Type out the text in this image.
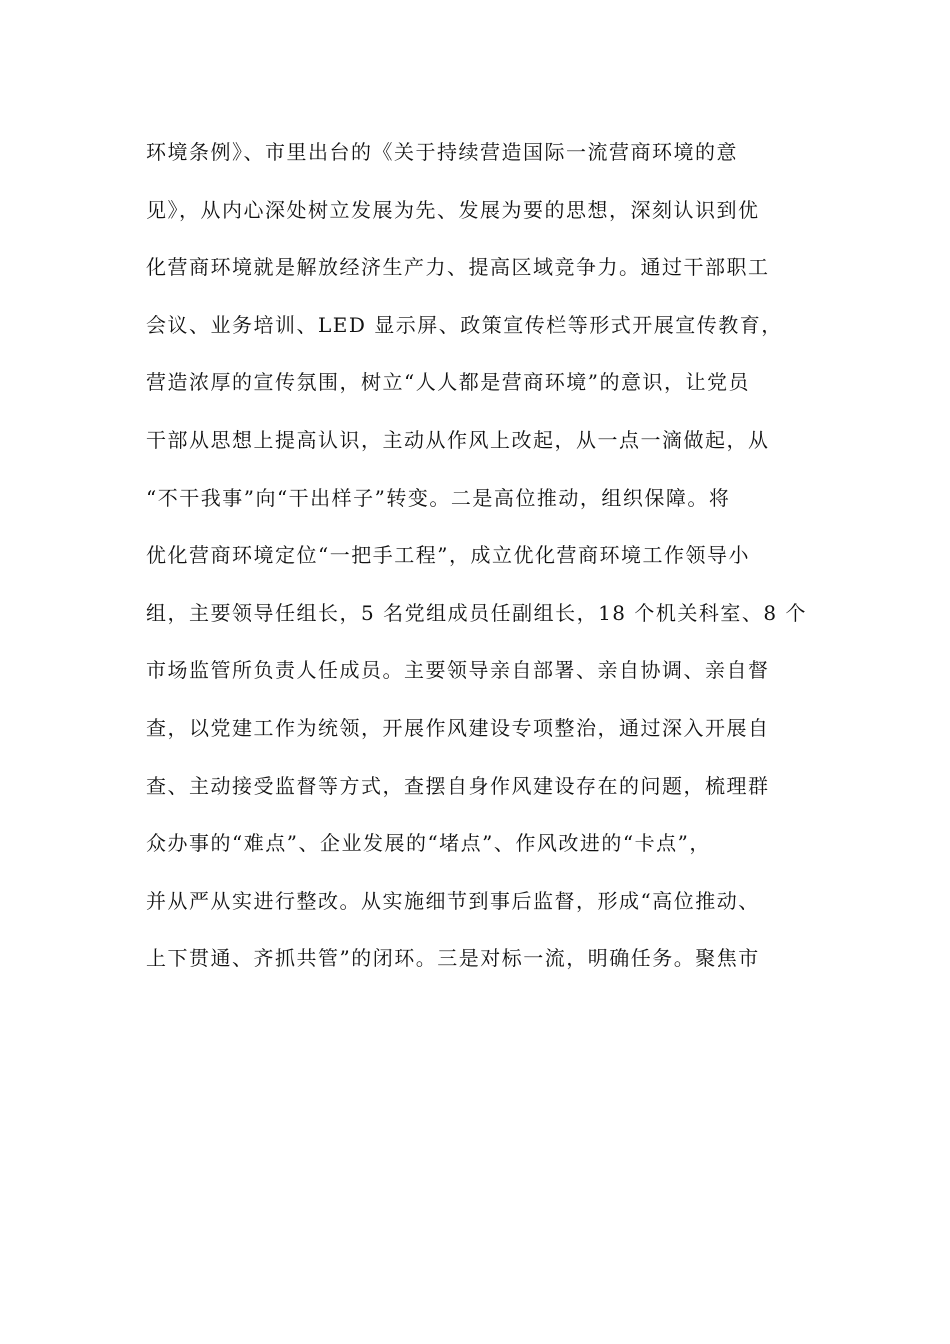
环境条例》、市里出台的《关于持续营造国际一流营商环境的意
见》，从内心深处树立发展为先、发展为要的思想，深刻认识到优
化营商环境就是解放经济生产力、提高区域竞争力。通过干部职工
会议、业务培训、LED 显示屏、政策宣传栏等形式开展宣传教育，
营造浓厚的宣传氛围，树立“人人都是营商环境”的意识，让党员
干部从思想上提高认识，主动从作风上改起，从一点一滴做起，从
“不干我事”向“干出样子”转变。二是高位推动，组织保障。将
优化营商环境定位“一把手工程”，成立优化营商环境工作领导小
组，主要领导任组长，5 名党组成员任副组长，18 个机关科室、8 个
市场监管所负责人任成员。主要领导亲自部署、亲自协调、亲自督
查，以党建工作为统领，开展作风建设专项整治，通过深入开展自
查、主动接受监督等方式，查摆自身作风建设存在的问题，梳理群
众办事的“难点”、企业发展的“堵点”、作风改进的“卡点”，
并从严从实进行整改。从实施细节到事后监督，形成“高位推动、
上下贯通、齐抓共管”的闭环。三是对标一流，明确任务。聚焦市
